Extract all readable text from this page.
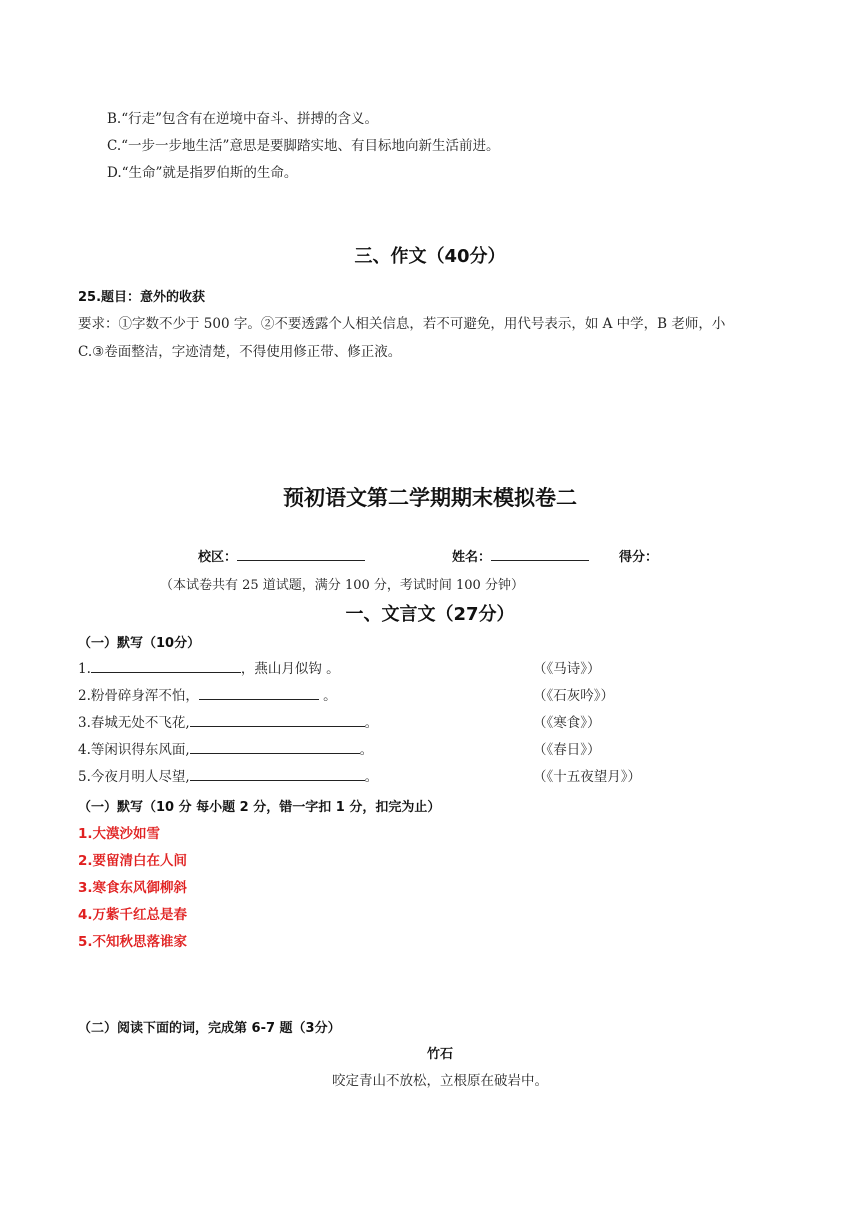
B.“行走”包含有在逆境中奋斗、拼搏的含义。
C.“一步一步地生活”意思是要脚踏实地、有目标地向新生活前进。
D.“生命”就是指罗伯斯的生命。
三、作文（40分）
25.题目：意外的收获
要求：①字数不少于 500 字。②不要透露个人相关信息，若不可避免，用代号表示，如 A 中学，B 老师，小
C.③卷面整洁，字迹清楚，不得使用修正带、修正液。
预初语文第二学期期末模拟卷二
校区：	姓名：	得分：
（本试卷共有 25 道试题，满分 100 分，考试时间 100 分钟）
一、文言文（27分）
（一）默写（10分）
1.	，燕山月似钩 。	（《马诗》）
2.粉骨碎身浑不怕，	。	（《石灰吟》）
3.春城无处不飞花,	。	（《寒食》）
4.等闲识得东风面,	。	（《春日》）
5.今夜月明人尽望,	。	（《十五夜望月》）
（一）默写（10 分 每小题 2 分，错一字扣 1 分，扣完为止）
1.大漠沙如雪
2.要留清白在人间
3.寒食东风御柳斜
4.万紫千红总是春
5.不知秋思落谁家
（二）阅读下面的词，完成第 6-7 题（3分）
竹石
咬定青山不放松，立根原在破岩中。
